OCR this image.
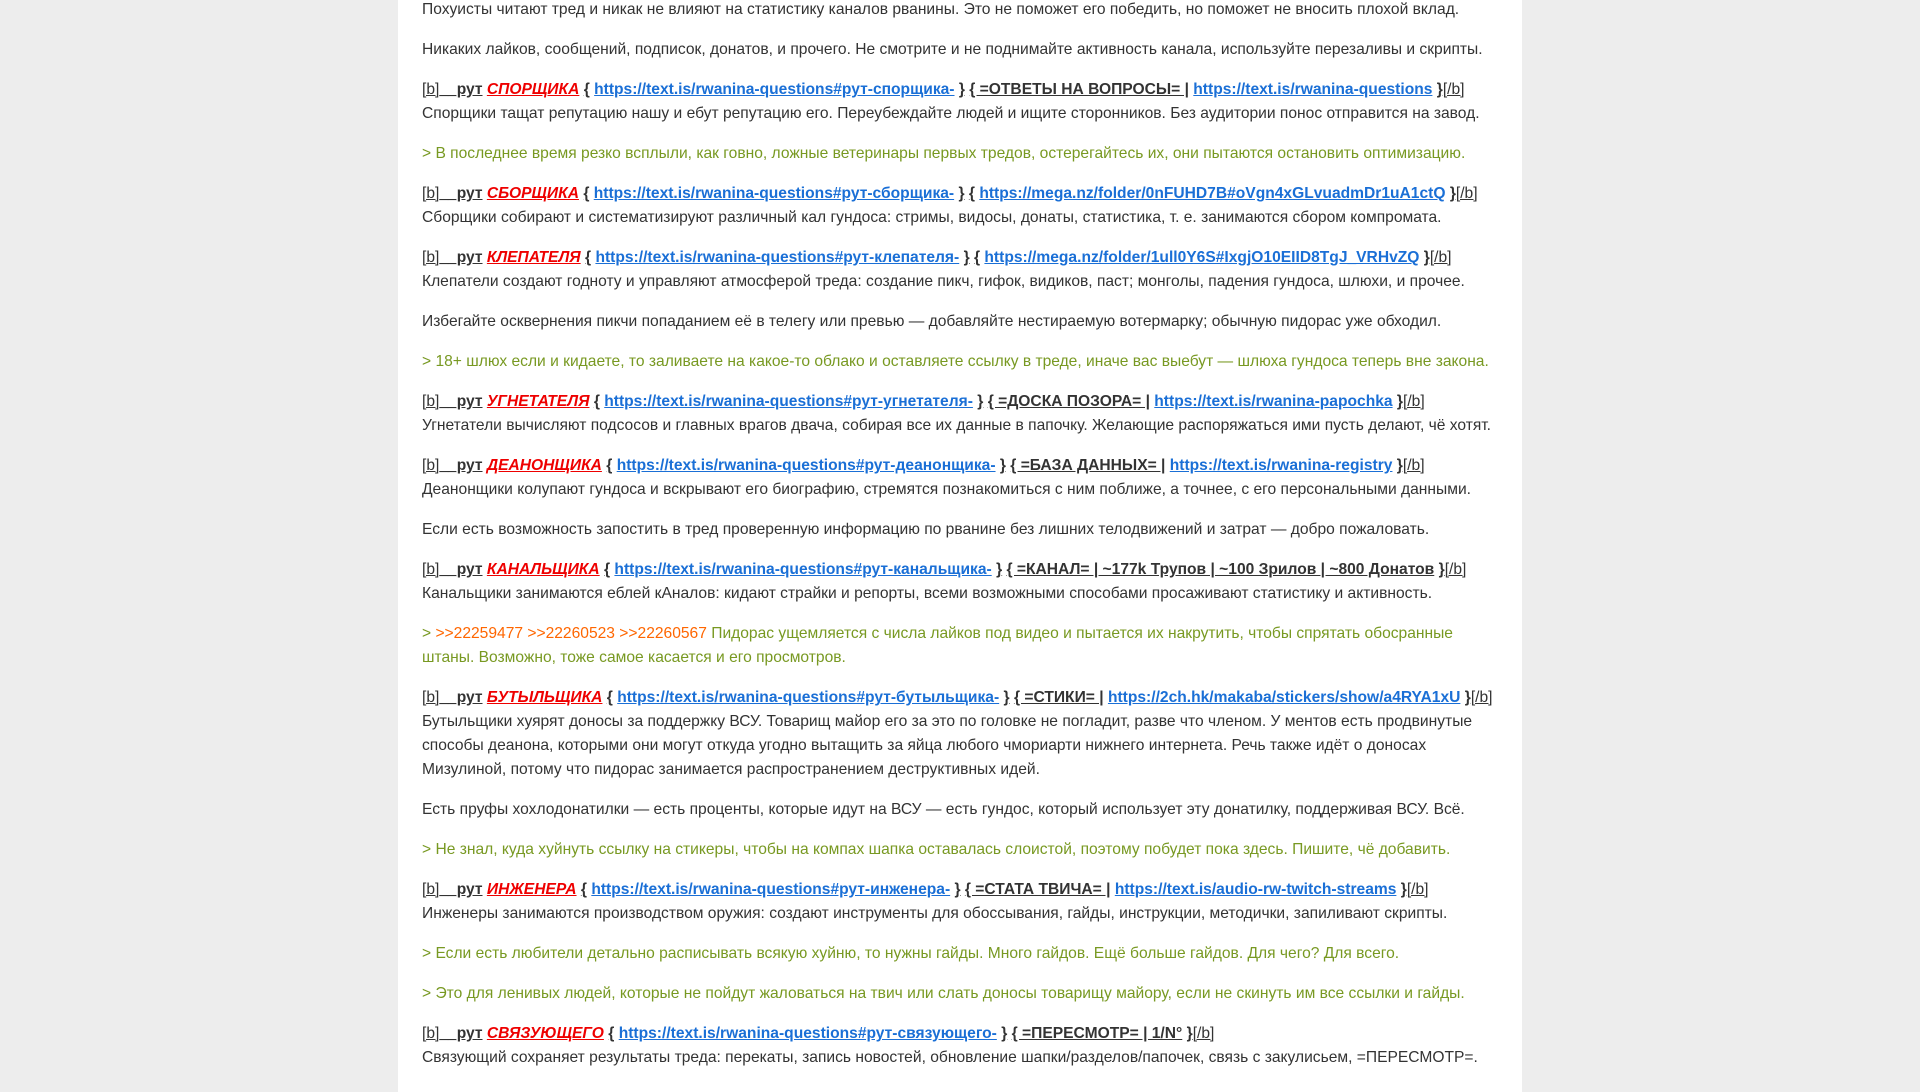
Похуисты читают тред и никак не влияют на статистику каналов рванины. Это не поможет его победить, но поможет не вносить плохой вклад.

Никаких лайков, сообщений, подписок, донатов, и прочего. Не смотрите и не поднимайте активность канала, используйте перезаливы и скрипты.

[b]__рут СПОРЩИКА { https://text.is/rwanina-questions#рут-спорщика- } { =ОТВЕТЫ НА ВОПРОСЫ= | https://text.is/rwanina-questions }[/b]
Спорщики тащат репутацию нашу и ебут репутацию его. Переубеждайте людей и ищите сторонников. Без аудитории понос отправится на завод.

> В последнее время резко всплыли, как говно, ложные ветеринары первых тредов, остерегайтесь их, они пытаются остановить оптимизацию.

[b]__рут СБОРЩИКА { https://text.is/rwanina-questions#рут-сборщика- } { https://mega.nz/folder/0nFUHD7B#oVgn4xGLvuadmDr1uA1ctQ }[/b]
Сборщики собирают и систематизируют различный кал гундоса: стримы, видосы, донаты, статистика, т. е. занимаются сбором компромата.

[b]__рут КЛЕПАТЕЛЯ { https://text.is/rwanina-questions#рут-клепателя- } { https://mega.nz/folder/1ull0Y6S#IxgjO10EIID8TgJ_VRHvZQ }[/b]
Клепатели создают годноту и управляют атмосферой треда: создание пикч, гифок, видиков, паст; монголы, падения гундоса, шлюхи, и прочее.

Избегайте осквернения пикчи попаданием её в телегу или превью — добавляйте нестираемую вотермарку; обычную пидорас уже обходил.

> 18+ шлюх если и кидаете, то заливаете на какое-то облако и оставляете ссылку в треде, иначе вас выебут — шлюха гундоса теперь вне закона.

[b]__рут УГНЕТАТЕЛЯ { https://text.is/rwanina-questions#рут-угнетателя- } { =ДОСКА ПОЗОРА= | https://text.is/rwanina-papochka }[/b]
Угнетатели вычисляют подсосов и главных врагов двача, собирая все их данные в папочку. Желающие распоряжаться ими пусть делают, чё хотят.

[b]__рут ДЕАНОНЩИКА { https://text.is/rwanina-questions#рут-деанонщика- } { =БАЗА ДАННЫХ= | https://text.is/rwanina-registry }[/b]
Деанонщики колупают гундоса и вскрывают его биографию, стремятся познакомиться с ним поближе, а точнее, с его персональными данными.

Если есть возможность запостить в тред проверенную информацию по рванине без лишних телодвижений и затрат — добро пожаловать.

[b]__рут КАНАЛЬЩИКА { https://text.is/rwanina-questions#рут-канальщика- } { =КАНАЛ= | ~177k Трупов | ~100 Зрилов | ~800 Донатов }[/b]
Канальщики занимаются еблей кАналов: кидают страйки и репорты, всеми возможными способами просаживают статистику и активность.

> >>22259477 >>22260523 >>22260567 Пидорас ущемляется с числа лайков под видео и пытается их накрутить, чтобы спрятать обосранные штаны. Возможно, тоже самое касается и его просмотров.

[b]__рут БУТЫЛЬЩИКА { https://text.is/rwanina-questions#рут-бутыльщика- } { =СТИКИ= | https://2ch.hk/makaba/stickers/show/a4RYA1xU }[/b]
Бутыльщики хуярят доносы за поддержку ВСУ. Товарищ майор его за это по головке не погладит, разве что членом. У ментов есть продвинутые способы деанона, которыми они могут откуда угодно вытащить за яйца любого чмориарти нижнего интернета. Речь также идёт о доносах Мизулиной, потому что пидорас занимается распространением деструктивных идей.

Есть пруфы хохлодонатилки — есть проценты, которые идут на ВСУ — есть гундос, который использует эту донатилку, поддерживая ВСУ. Всё.

> Не знал, куда хуйнуть ссылку на стикеры, чтобы на компах шапка оставалась слоистой, поэтому побудет пока здесь. Пишите, чё добавить.

[b]__рут ИНЖЕНЕРА { https://text.is/rwanina-questions#рут-инженера- } { =СТАТА ТВИЧА= | https://text.is/audio-rw-twitch-streams }[/b]
Инженеры занимаются производством оружия: создают инструменты для обоссывания, гайды, инструкции, методички, запиливают скрипты.

> Если есть любители детально расписывать всякую хуйню, то нужны гайды. Много гайдов. Ещё больше гайдов. Для чего? Для всего.

> Это для ленивых людей, которые не пойдут жаловаться на твич или слать доносы товарищу майору, если не скинуть им все ссылки и гайды.

[b]__рут СВЯЗУЮЩЕГО { https://text.is/rwanina-questions#рут-связующего- } { =ПЕРЕСМОТР= | 1/N° }[/b]
Связующий сохраняет результаты треда: перекаты, запись новостей, обновление шапки/разделов/папочек, связь с закулисьем, =ПЕРЕСМОТР=.
